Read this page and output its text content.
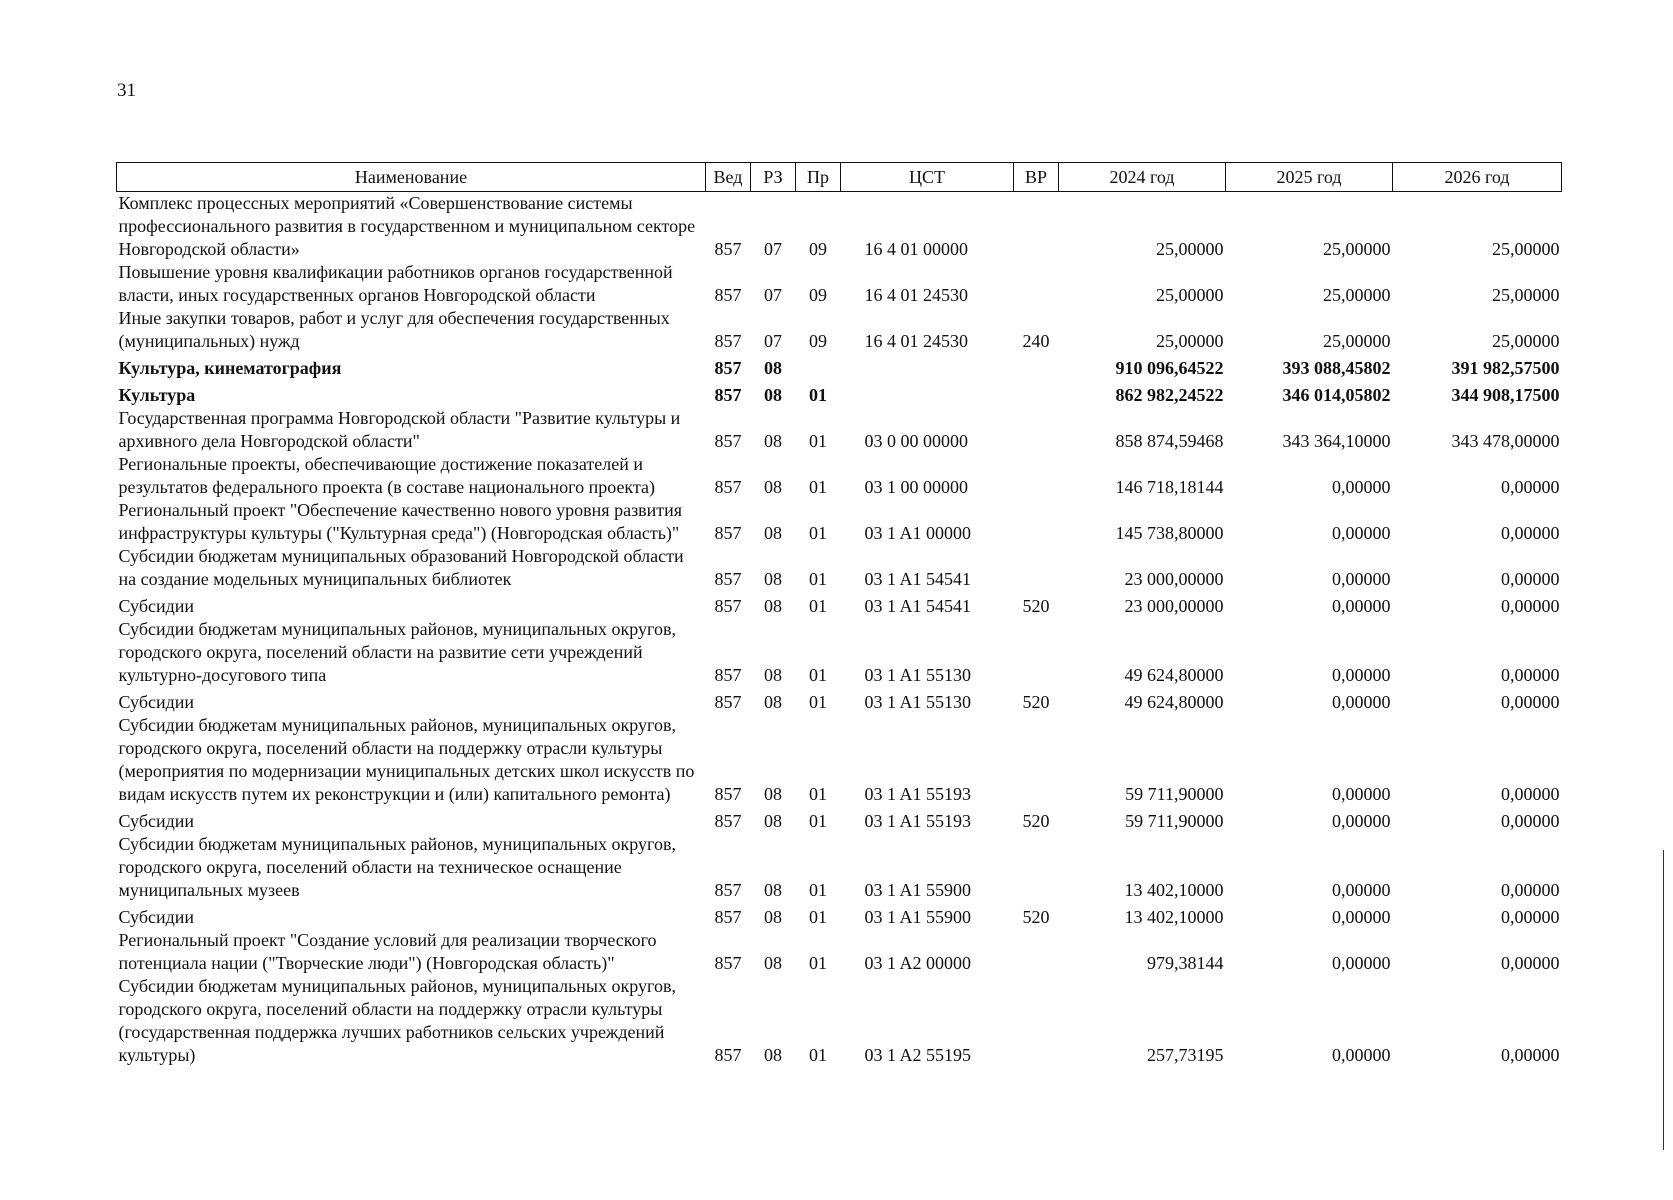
31
Наименование	Вед	РЗ	Пр	ЦСТ	ВР	2024 год	2025 год	2026 год
Комплекс процессных мероприятий «Совершенствование системы профессионального развития в государственном и муниципальном секторе Новгородской области»	857	07	09	16 4 01 00000		25,00000	25,00000	25,00000
Повышение уровня квалификации работников органов государственной власти, иных государственных органов Новгородской области	857	07	09	16 4 01 24530		25,00000	25,00000	25,00000
Иные закупки товаров, работ и услуг для обеспечения государственных (муниципальных) нужд	857	07	09	16 4 01 24530	240	25,00000	25,00000	25,00000
Культура, кинематография	857	08				910 096,64522	393 088,45802	391 982,57500
Культура	857	08	01			862 982,24522	346 014,05802	344 908,17500
Государственная программа Новгородской области "Развитие культуры и архивного дела Новгородской области"	857	08	01	03 0 00 00000		858 874,59468	343 364,10000	343 478,00000
Региональные проекты, обеспечивающие достижение показателей и результатов федерального проекта (в составе национального проекта)	857	08	01	03 1 00 00000		146 718,18144	0,00000	0,00000
Региональный проект "Обеспечение качественно нового уровня развития инфраструктуры культуры ("Культурная среда") (Новгородская область)"	857	08	01	03 1 A1 00000		145 738,80000	0,00000	0,00000
Субсидии бюджетам муниципальных образований Новгородской области на создание модельных муниципальных библиотек	857	08	01	03 1 A1 54541		23 000,00000	0,00000	0,00000
Субсидии	857	08	01	03 1 A1 54541	520	23 000,00000	0,00000	0,00000
Субсидии бюджетам муниципальных районов, муниципальных округов, городского округа, поселений области на развитие сети учреждений культурно-досугового типа	857	08	01	03 1 A1 55130		49 624,80000	0,00000	0,00000
Субсидии	857	08	01	03 1 A1 55130	520	49 624,80000	0,00000	0,00000
Субсидии бюджетам муниципальных районов, муниципальных округов, городского округа, поселений области на поддержку отрасли культуры (мероприятия по модернизации муниципальных детских школ искусств по видам искусств путем их реконструкции и (или) капитального ремонта)	857	08	01	03 1 A1 55193		59 711,90000	0,00000	0,00000
Субсидии	857	08	01	03 1 A1 55193	520	59 711,90000	0,00000	0,00000
Субсидии бюджетам муниципальных районов, муниципальных округов, городского округа, поселений области на техническое оснащение муниципальных музеев	857	08	01	03 1 A1 55900		13 402,10000	0,00000	0,00000
Субсидии	857	08	01	03 1 A1 55900	520	13 402,10000	0,00000	0,00000
Региональный проект "Создание условий для реализации творческого потенциала нации ("Творческие люди") (Новгородская область)"	857	08	01	03 1 A2 00000		979,38144	0,00000	0,00000
Субсидии бюджетам муниципальных районов, муниципальных округов, городского округа, поселений области на поддержку отрасли культуры (государственная поддержка лучших работников сельских учреждений культуры)	857	08	01	03 1 A2 55195		257,73195	0,00000	0,00000
